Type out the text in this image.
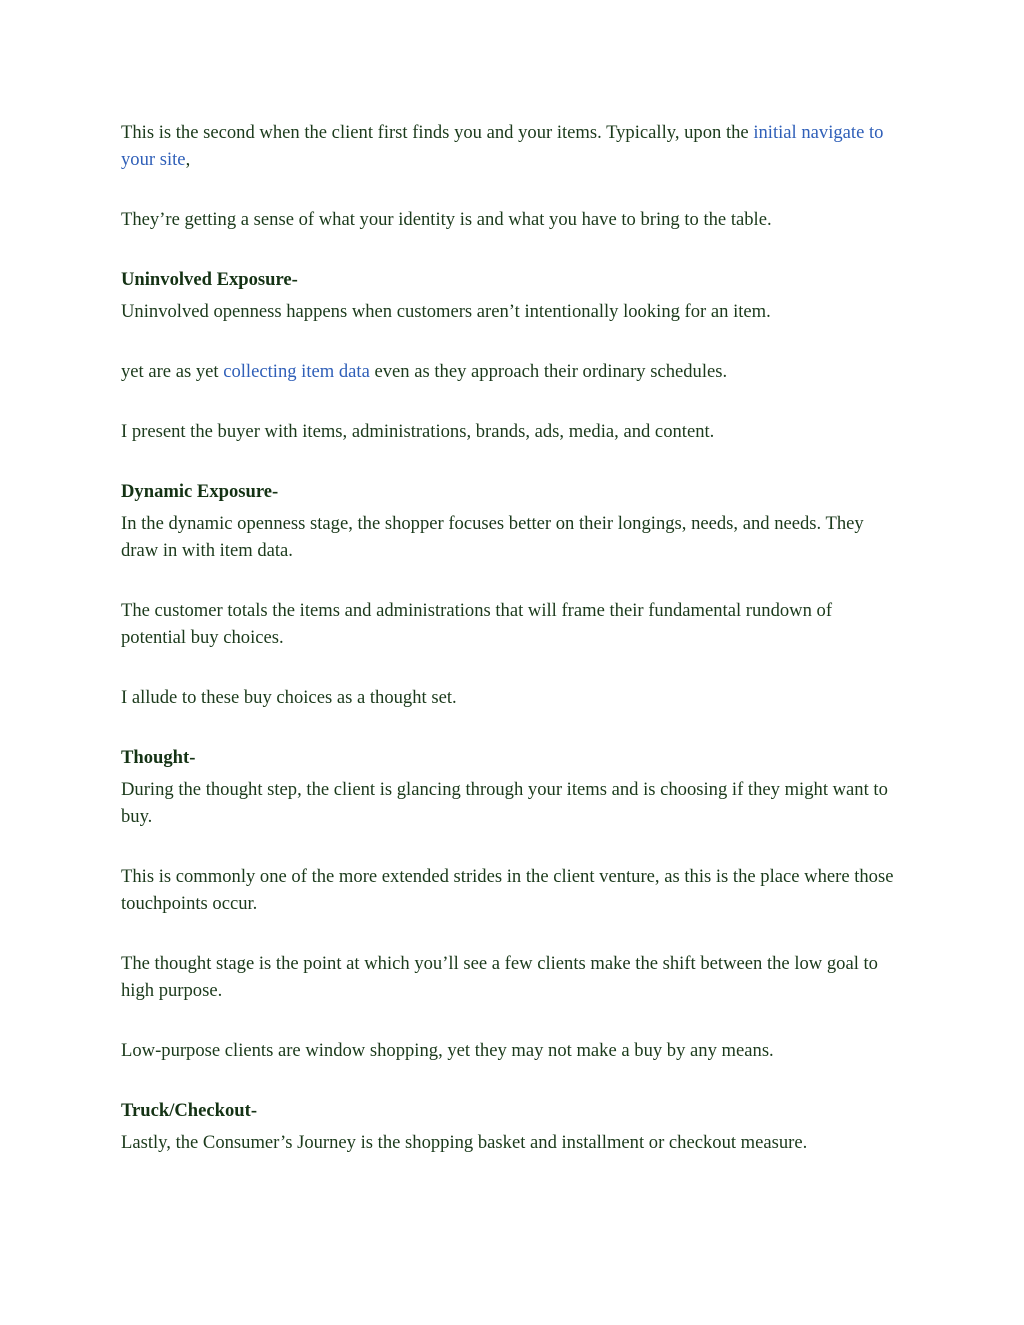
This is the second when the client first finds you and your items. Typically, upon the initial navigate to your site,

They’re getting a sense of what your identity is and what you have to bring to the table.

Uninvolved Exposure-

Uninvolved openness happens when customers aren’t intentionally looking for an item.

yet are as yet collecting item data even as they approach their ordinary schedules.

I present the buyer with items, administrations, brands, ads, media, and content.

Dynamic Exposure-

In the dynamic openness stage, the shopper focuses better on their longings, needs, and needs. They draw in with item data.

The customer totals the items and administrations that will frame their fundamental rundown of potential buy choices.

I allude to these buy choices as a thought set.

Thought-

During the thought step, the client is glancing through your items and is choosing if they might want to buy.

This is commonly one of the more extended strides in the client venture, as this is the place where those touchpoints occur.

The thought stage is the point at which you’ll see a few clients make the shift between the low goal to high purpose.

Low-purpose clients are window shopping, yet they may not make a buy by any means.

Truck/Checkout-

Lastly, the Consumer’s Journey is the shopping basket and installment or checkout measure.
